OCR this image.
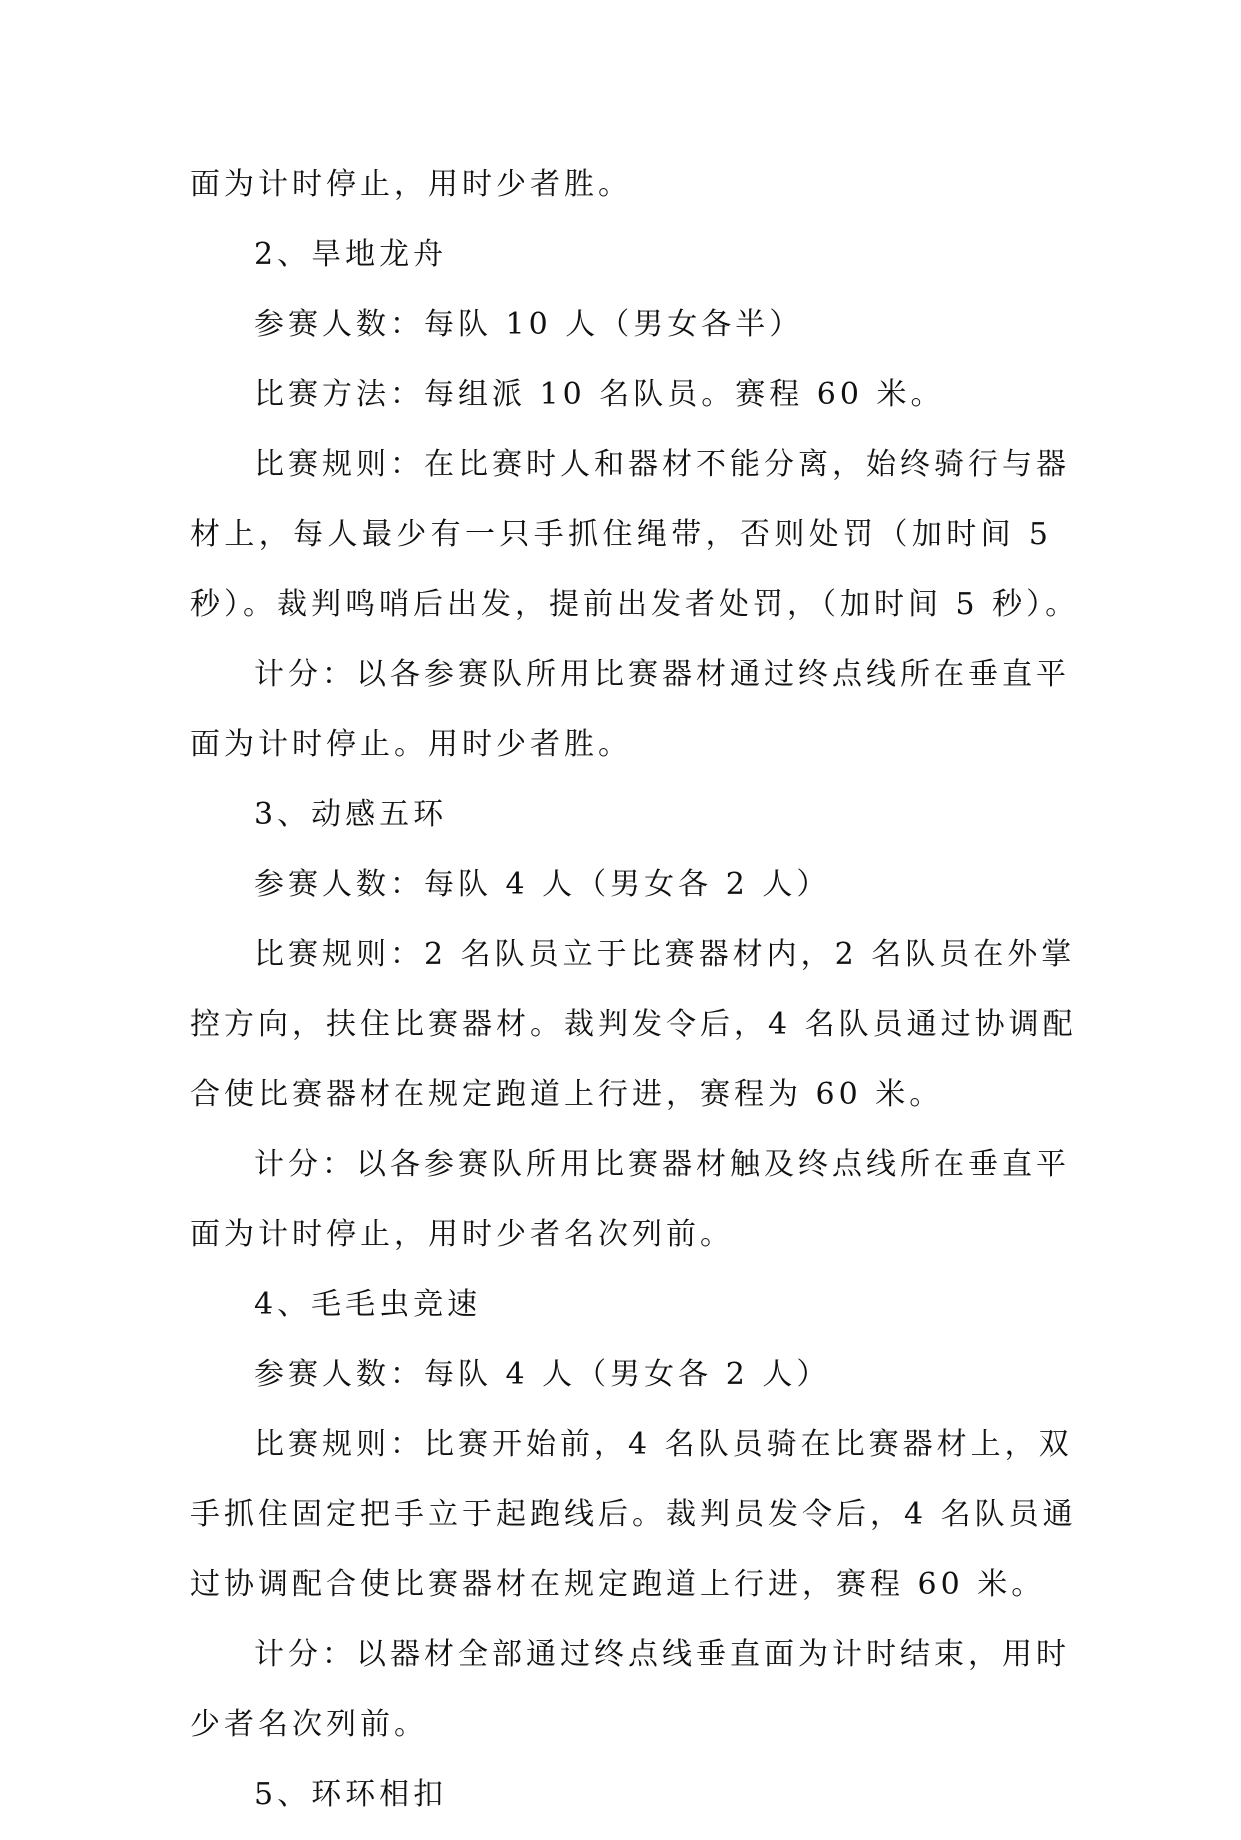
面为计时停止，用时少者胜。
2、旱地龙舟
参赛人数：每队 10 人（男女各半）
比赛方法：每组派 10 名队员。赛程 60 米。
比赛规则：在比赛时人和器材不能分离，始终骑行与器
材上，每人最少有一只手抓住绳带，否则处罚（加时间 5
秒）。裁判鸣哨后出发，提前出发者处罚，（加时间 5 秒）。
计分：以各参赛队所用比赛器材通过终点线所在垂直平
面为计时停止。用时少者胜。
3、动感五环
参赛人数：每队 4 人（男女各 2 人）
比赛规则：2 名队员立于比赛器材内，2 名队员在外掌
控方向，扶住比赛器材。裁判发令后，4 名队员通过协调配
合使比赛器材在规定跑道上行进，赛程为 60 米。
计分：以各参赛队所用比赛器材触及终点线所在垂直平
面为计时停止，用时少者名次列前。
4、毛毛虫竞速
参赛人数：每队 4 人（男女各 2 人）
比赛规则：比赛开始前，4 名队员骑在比赛器材上，双
手抓住固定把手立于起跑线后。裁判员发令后，4 名队员通
过协调配合使比赛器材在规定跑道上行进，赛程 60 米。
计分：以器材全部通过终点线垂直面为计时结束，用时
少者名次列前。
5、环环相扣
